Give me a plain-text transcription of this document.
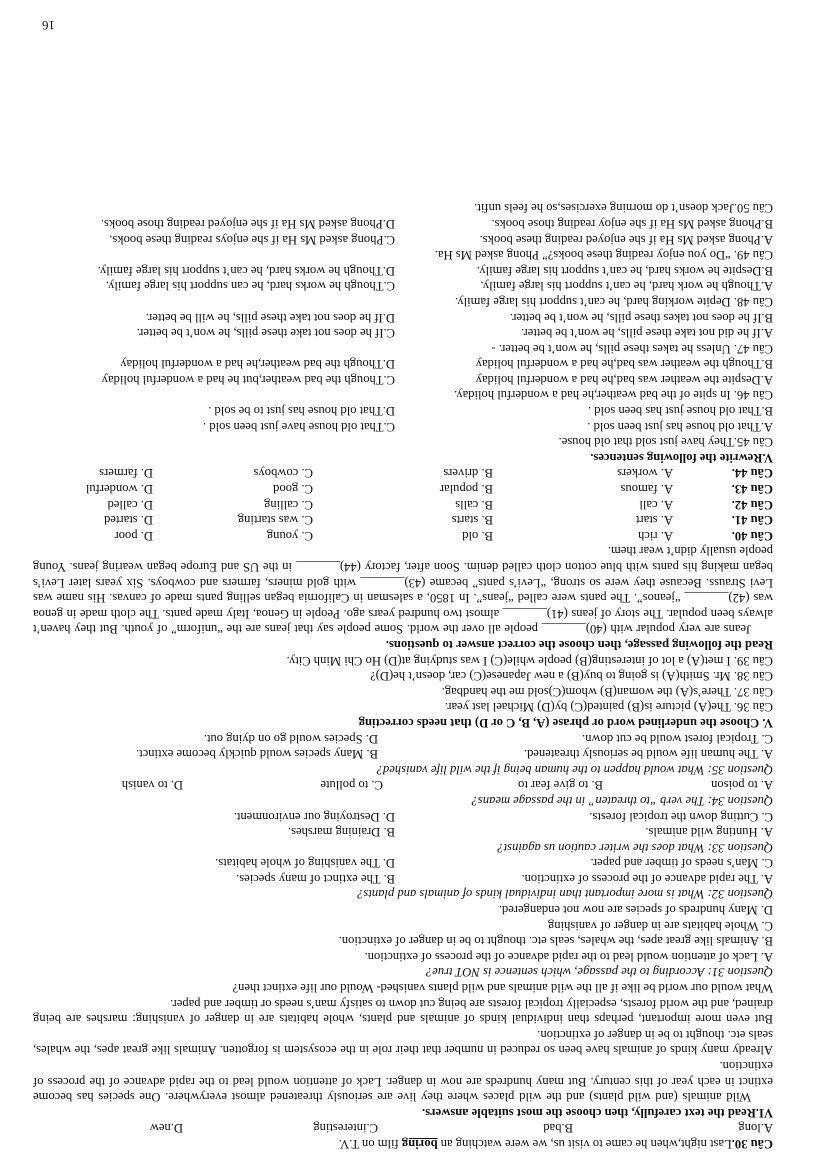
Câu 30.Last night,when he came to visit us, we were watching an boring film on T.V.
A.long
B.bad
C.interesting
D.new
VI.Read the text carefully, then choose the most suitable answers.
Wild animals (and wild plants) and the wild places where they live are seriously threatened almost everywhere. One species has become extinct in each year of this century. But many hundreds are now in danger. Lack of attention would lead to the rapid advance of the process of extinction.
Already many kinds of animals have been so reduced in number that their role in the ecosystem is forgotten. Animals like great apes, the whales, seals etc. thought to be in danger of extinction.
But even more important, perhaps than individual kinds of animals and plants, whole habitats are in danger of vanishing: marshes are being drained, and the world forests, especially tropical forests are being cut down to satisfy man’s needs or timber and paper.
What would our world be like if all the wild animals and wild plants vanished- Would our life extinct then?
Question 31: According to the passage, which sentence is NOT true?
A. Lack of attention would lead to the rapid advance of the process of extinction.
B. Animals like great apes, the whales, seals etc. thought to be in danger of extinction.
C. Whole habitats are in danger of vanishing
D. Many hundreds of species are now not endangered.
Question 32: What is more important than individual kinds of animals and plants?
A. The rapid advance of the process of extinction.
B. The extinct of many species.
C. Man’s needs of timber and paper.
D. The vanishing of whole habitats.
Question 33: What does the writer caution us against?
A. Hunting wild animals.
B. Draining marshes.
C. Cutting down the tropical forests.
D. Destroying our environment.
Question 34: The verb “to threaten” in the passage means?
A. to poison
B. to give fear to
C. to pollute
D. to vanish
Question 35: What would happen to the human being if the wild life vanished?
A. The human life would be seriously threatened.
B. Many species would quickly become extinct.
C. Tropical forest would be cut down.
D. Species would go on dying out.
V. Choose the underlined word or phrase (A, B, C or D) that needs correcting
Câu 36. The(A) picture is(B) painted(C) by(D) Michael last year.
Câu 37. There’s(A) the woman(B) whom(C)sold me the handbag.
Câu 38. Mr. Smith(A) is going to buy(B) a new Japanese(C) car, doesn’t he(D)?
Câu 39. I met(A) a lot of interesting(B) people while(C) I was studying at(D) Ho Chi Minh City.
Read the following passage, then choose the correct answer to questions.
Jeans are very popular with (40)_______ people all over the world. Some people say that jeans are the “uniform” of youth. But they haven’t always been popular. The story of jeans (41)_______ almost two hundred years ago. People in Genoa, Italy made pants. The cloth made in genoa was (42)_______ “jeanos”. The pants were called “jeans”. In 1850, a salesman in California began selling pants made of canvas. His name was Levi Strauss. Because they were so strong, “Levi’s pants” became (43)_______ with gold miners, farmers and cowboys. Six years later Levi’s began making his pants with blue cotton cloth called denim. Soon after, factory (44)_______ in the US and Europe began wearing jeans. Young people usually didn’t wear them.
Câu 40.
A. rich
B. old
C. young
D. poor
Câu 41.
A. start
B. starts
C. was starting
D. started
Câu 42.
A. call
B. calls
C. calling
D. called
Câu 43.
A. famous
B. popular
C. good
D. wonderful
Câu 44.
A. workers
B. drivers
C. cowboys
D. farmers
V.Rewrite the following sentences.
Câu 45.They have just sold that old house.
A.That old house has just been sold .
C.That old house have just been sold .
B.That old house just has been sold .
D.That old house has just to be sold .
Câu 46. In spite of the bad weather,he had a wonderful holiday.
A.Despite the weather was bad,he had a wonderful holiday
C.Though the bad weather,but he had a wonderful holiday
B.Though the weather was bad,he had a wonderful holiday
D.Though the bad weather,he had a wonderful holiday
Câu 47. Unless he takes these pills, he won’t be better. -
A.If he did not take these pills, he won’t be better.
C.If he does not take these pills, he won’t be better.
B.If he does not takes these pills, he won’t be better.
D.If he does not take these pills, he will be better.
Câu 48. Depite working hard, he can’t support his large family.
A.Though he work hard, he can’t support his large family.
C.Though he works hard, he can support his large family.
B.Despite he works hard, he can’t support his large family.
D.Though he works hard, he can’t support his large family.
Câu 49. “Do you enjoy reading these books?” Phong asked Ms Ha.
A.Phong asked Ms Ha if she enjoyed reading these books.
C.Phong asked Ms Ha if she enjoys reading these books.
B.Phong asked Ms Ha if she enjoy reading those books.
D.Phong asked Ms Ha if she enjoyed reading those books.
Câu 50.Jack doesn’t do morning exercises,so he feels unfit.
16
